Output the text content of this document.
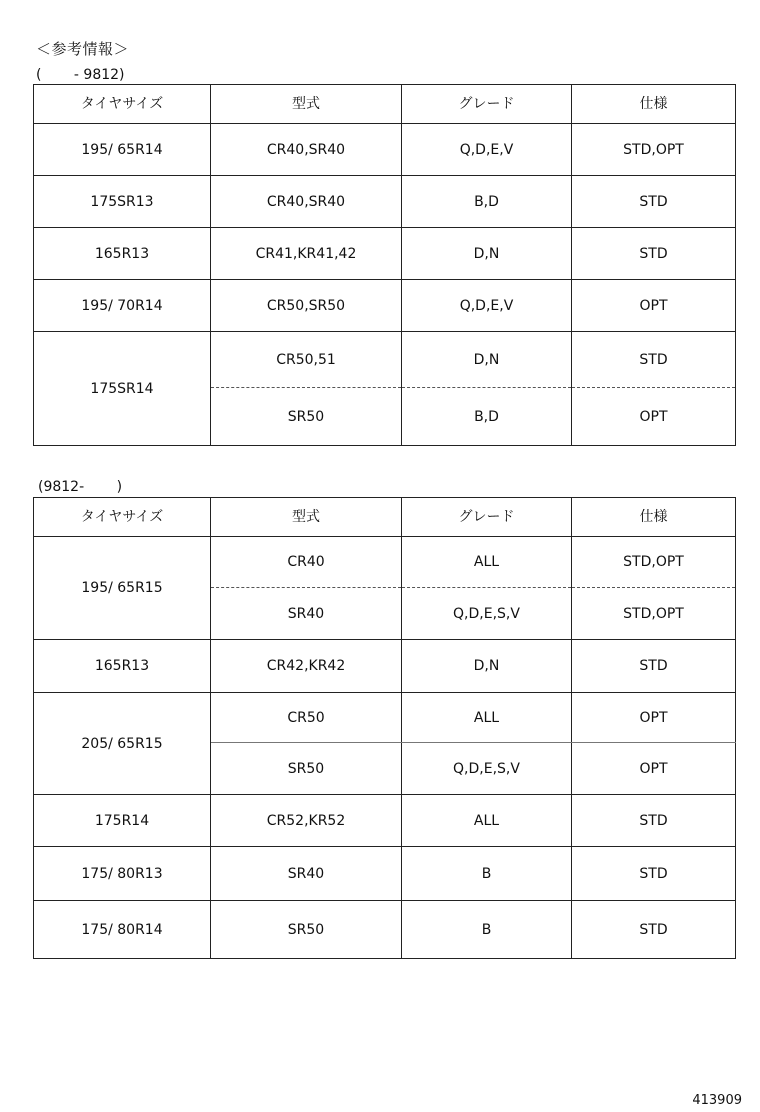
＜参考情報＞
(　　 - 9812)
タイヤサイズ	型式	グレード	仕様
195/ 65R14	CR40,SR40	Q,D,E,V	STD,OPT
175SR13	CR40,SR40	B,D	STD
165R13	CR41,KR41,42	D,N	STD
195/ 70R14	CR50,SR50	Q,D,E,V	OPT
175SR14	CR50,51	D,N	STD
	SR50	B,D	OPT
(9812-　　 )
タイヤサイズ	型式	グレード	仕様
195/ 65R15	CR40	ALL	STD,OPT
	SR40	Q,D,E,S,V	STD,OPT
165R13	CR42,KR42	D,N	STD
205/ 65R15	CR50	ALL	OPT
	SR50	Q,D,E,S,V	OPT
175R14	CR52,KR52	ALL	STD
175/ 80R13	SR40	B	STD
175/ 80R14	SR50	B	STD
413909
